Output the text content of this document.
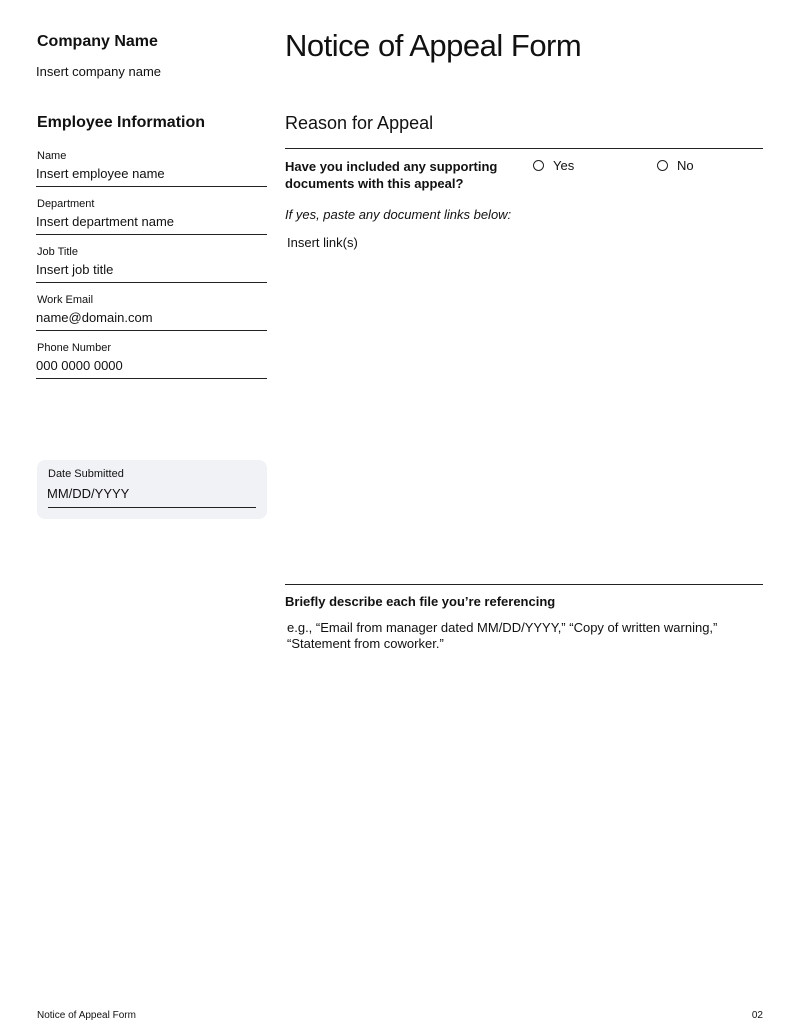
Company Name
Insert company name
Employee Information
Name
Insert employee name
Department
Insert department name
Job Title
Insert job title
Work Email
name@domain.com
Phone Number
000 0000 0000
Date Submitted
MM/DD/YYYY
Notice of Appeal Form
Reason for Appeal
Have you included any supporting documents with this appeal?
Yes	No
If yes, paste any document links below:
Insert link(s)
Briefly describe each file you’re referencing
e.g., “Email from manager dated MM/DD/YYYY,” “Copy of written warning,” “Statement from coworker.”
Notice of Appeal Form	02
